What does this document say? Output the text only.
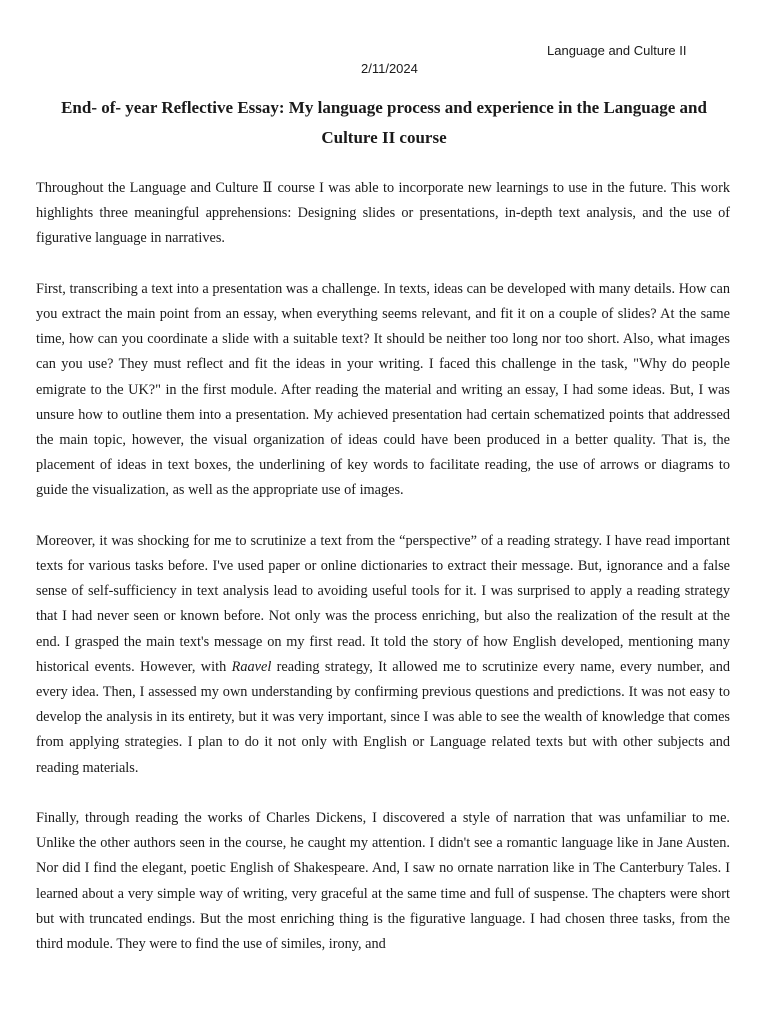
Language and Culture II
2/11/2024
End- of- year Reflective Essay: My language process and experience in the Language and Culture II course

Throughout the Language and Culture Ⅱ course I was able to incorporate new learnings to use in the future. This work highlights three meaningful apprehensions: Designing slides or presentations, in-depth text analysis, and the use of figurative language in narratives.

First, transcribing a text into a presentation was a challenge. In texts, ideas can be developed with many details. How can you extract the main point from an essay, when everything seems relevant, and fit it on a couple of slides? At the same time, how can you coordinate a slide with a suitable text? It should be neither too long nor too short. Also, what images can you use? They must reflect and fit the ideas in your writing. I faced this challenge in the task, "Why do people emigrate to the UK?" in the first module. After reading the material and writing an essay, I had some ideas. But, I was unsure how to outline them into a presentation. My achieved presentation had certain schematized points that addressed the main topic, however, the visual organization of ideas could have been produced in a better quality. That is, the placement of ideas in text boxes, the underlining of key words to facilitate reading, the use of arrows or diagrams to guide the visualization, as well as the appropriate use of images.

Moreover, it was shocking for me to scrutinize a text from the “perspective” of a reading strategy. I have read important texts for various tasks before. I've used paper or online dictionaries to extract their message. But, ignorance and a false sense of self-sufficiency in text analysis lead to avoiding useful tools for it. I was surprised to apply a reading strategy that I had never seen or known before. Not only was the process enriching, but also the realization of the result at the end. I grasped the main text's message on my first read. It told the story of how English developed, mentioning many historical events. However, with Raavel reading strategy, It allowed me to scrutinize every name, every number, and every idea. Then, I assessed my own understanding by confirming previous questions and predictions. It was not easy to develop the analysis in its entirety, but it was very important, since I was able to see the wealth of knowledge that comes from applying strategies. I plan to do it not only with English or Language related texts but with other subjects and reading materials.

Finally, through reading the works of Charles Dickens, I discovered a style of narration that was unfamiliar to me. Unlike the other authors seen in the course, he caught my attention. I didn't see a romantic language like in Jane Austen. Nor did I find the elegant, poetic English of Shakespeare. And, I saw no ornate narration like in The Canterbury Tales. I learned about a very simple way of writing, very graceful at the same time and full of suspense. The chapters were short but with truncated endings. But the most enriching thing is the figurative language. I had chosen three tasks, from the third module. They were to find the use of similes, irony, and
